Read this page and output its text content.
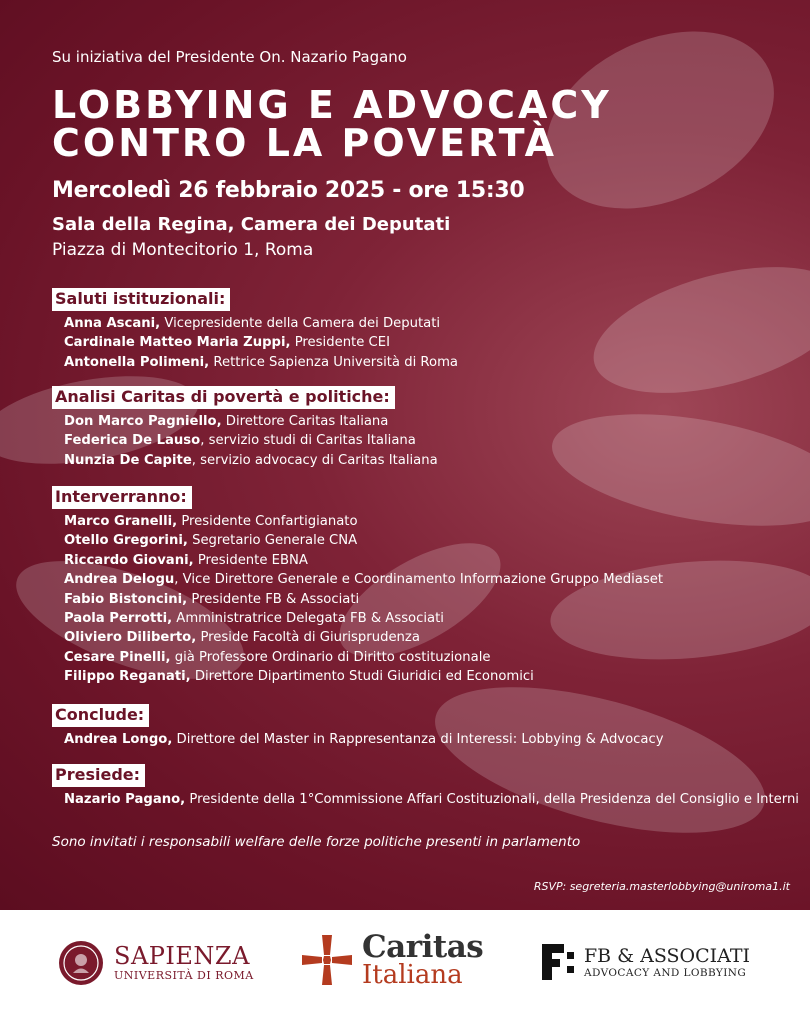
Su iniziativa del Presidente On. Nazario Pagano
LOBBYING E ADVOCACY
CONTRO LA POVERTÀ
Mercoledì 26 febbraio 2025 - ore 15:30
Sala della Regina, Camera dei Deputati
Piazza di Montecitorio 1, Roma
Saluti istituzionali:
Anna Ascani, Vicepresidente della Camera dei Deputati
Cardinale Matteo Maria Zuppi, Presidente CEI
Antonella Polimeni, Rettrice Sapienza Università di Roma
Analisi Caritas di povertà e politiche:
Don Marco Pagniello, Direttore Caritas Italiana
Federica De Lauso, servizio studi di Caritas Italiana
Nunzia De Capite, servizio advocacy di Caritas Italiana
Interverranno:
Marco Granelli, Presidente Confartigianato
Otello Gregorini, Segretario Generale CNA
Riccardo Giovani, Presidente EBNA
Andrea Delogu, Vice Direttore Generale e Coordinamento Informazione Gruppo Mediaset
Fabio Bistoncini, Presidente FB & Associati
Paola Perrotti, Amministratrice Delegata FB & Associati
Oliviero Diliberto, Preside Facoltà di Giurisprudenza
Cesare Pinelli, già Professore Ordinario di Diritto costituzionale
Filippo Reganati, Direttore Dipartimento Studi Giuridici ed Economici
Conclude:
Andrea Longo, Direttore del Master in Rappresentanza di Interessi: Lobbying & Advocacy
Presiede:
Nazario Pagano, Presidente della 1°Commissione Affari Costituzionali, della Presidenza del Consiglio e Interni
Sono invitati i responsabili welfare delle forze politiche presenti in parlamento
RSVP: segreteria.masterlobbying@uniroma1.it
SAPIENZA
UNIVERSITÀ DI ROMA
Caritas
Italiana
FB & ASSOCIATI
ADVOCACY AND LOBBYING
